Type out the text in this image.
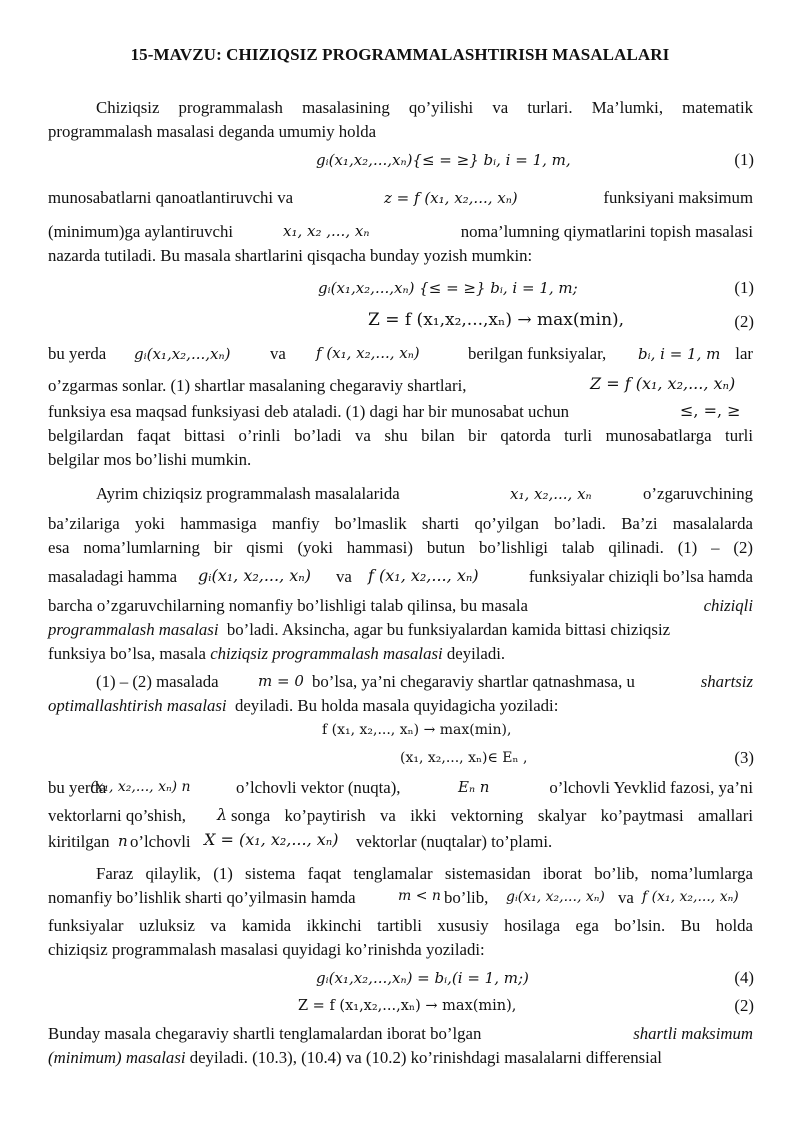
15-MAVZU: CHIZIQSIZ PROGRAMMALASHTIRISH MASALALARI
Chiziqsiz programmalash masalasining qo’yilishi va turlari. Ma’lumki, matematik
programmalash masalasi deganda umumiy holda
gᵢ(x₁,x₂,...,xₙ){≤ = ≥} bᵢ, i = 1, m,	(1)
munosabatlarni qanoatlantiruvchi va	z = f (x₁, x₂,..., xₙ)	funksiyani maksimum
(minimum)ga aylantiruvchi	x₁, x₂ ,..., xₙ	noma’lumning qiymatlarini topish masalasi
nazarda tutiladi. Bu masala shartlarini qisqacha bunday yozish mumkin:
gᵢ(x₁,x₂,...,xₙ) {≤ = ≥} bᵢ, i = 1, m;	(1)
Z = f (x₁,x₂,...,xₙ) → max(min),	(2)
bu yerda	gᵢ(x₁,x₂,...,xₙ) va	f (x₁, x₂,..., xₙ)	berilgan funksiyalar,	bᵢ, i = 1, m lar
o’zgarmas sonlar. (1) shartlar masalaning chegaraviy shartlari,	Z = f (x₁, x₂,..., xₙ)
funksiya esa maqsad funksiyasi deb ataladi. (1) dagi har bir munosabat uchun	≤, =, ≥
belgilardan faqat bittasi o’rinli bo’ladi va shu bilan bir qatorda turli munosabatlarga turli
belgilar mos bo’lishi mumkin.
Ayrim chiziqsiz programmalash masalalarida	x₁, x₂,..., xₙ	o’zgaruvchining
ba’zilariga yoki hammasiga manfiy bo’lmaslik sharti qo’yilgan bo’ladi. Ba’zi masalalarda
esa noma’lumlarning bir qismi (yoki hammasi) butun bo’lishligi talab qilinadi. (1) – (2)
masaladagi hamma	gᵢ(x₁, x₂,..., xₙ) va	f (x₁, x₂,..., xₙ)	funksiyalar chiziqli bo’lsa hamda
barcha o’zgaruvchilarning nomanfiy bo’lishligi talab qilinsa, bu masala	chiziqli
programmalash masalasi bo’ladi. Aksincha, agar bu funksiyalardan kamida bittasi chiziqsiz
funksiya bo’lsa, masala chiziqsiz programmalash masalasi deyiladi.
(1) – (2) masalada	m = 0 bo’lsa, ya’ni chegaraviy shartlar qatnashmasa, u	shartsiz
optimallashtirish masalasi deyiladi. Bu holda masala quyidagicha yoziladi:
f (x₁, x₂,..., xₙ) → max(min),
(x₁, x₂,..., xₙ)∈ Eₙ ,	(3)
bu yerda
(x₁, x₂,..., xₙ) n	o’lchovli vektor (nuqta),	Eₙ n	o’lchovli Yevklid fazosi, ya’ni
vektorlarni qo’shish,	λ songa ko’paytirish va ikki vektorning skalyar ko’paytmasi amallari
kiritilgan n o’lchovli X = (x₁, x₂,..., xₙ) vektorlar (nuqtalar) to’plami.
Faraz qilaylik, (1) sistema faqat tenglamalar sistemasidan iborat bo’lib, noma’lumlarga
nomanfiy bo’lishlik sharti qo’yilmasin hamda	m < n bo’lib,	gᵢ(x₁, x₂,..., xₙ) va f (x₁, x₂,..., xₙ)
funksiyalar uzluksiz va kamida ikkinchi tartibli xususiy hosilaga ega bo’lsin. Bu holda
chiziqsiz programmalash masalasi quyidagi ko’rinishda yoziladi:
gᵢ(x₁,x₂,...,xₙ) = bᵢ,(i = 1, m;)	(4)
Z = f (x₁,x₂,...,xₙ) → max(min),	(2)
Bunday masala chegaraviy shartli tenglamalardan iborat bo’lgan	shartli maksimum
(minimum) masalasi deyiladi. (10.3), (10.4) va (10.2) ko’rinishdagi masalalarni differensial
